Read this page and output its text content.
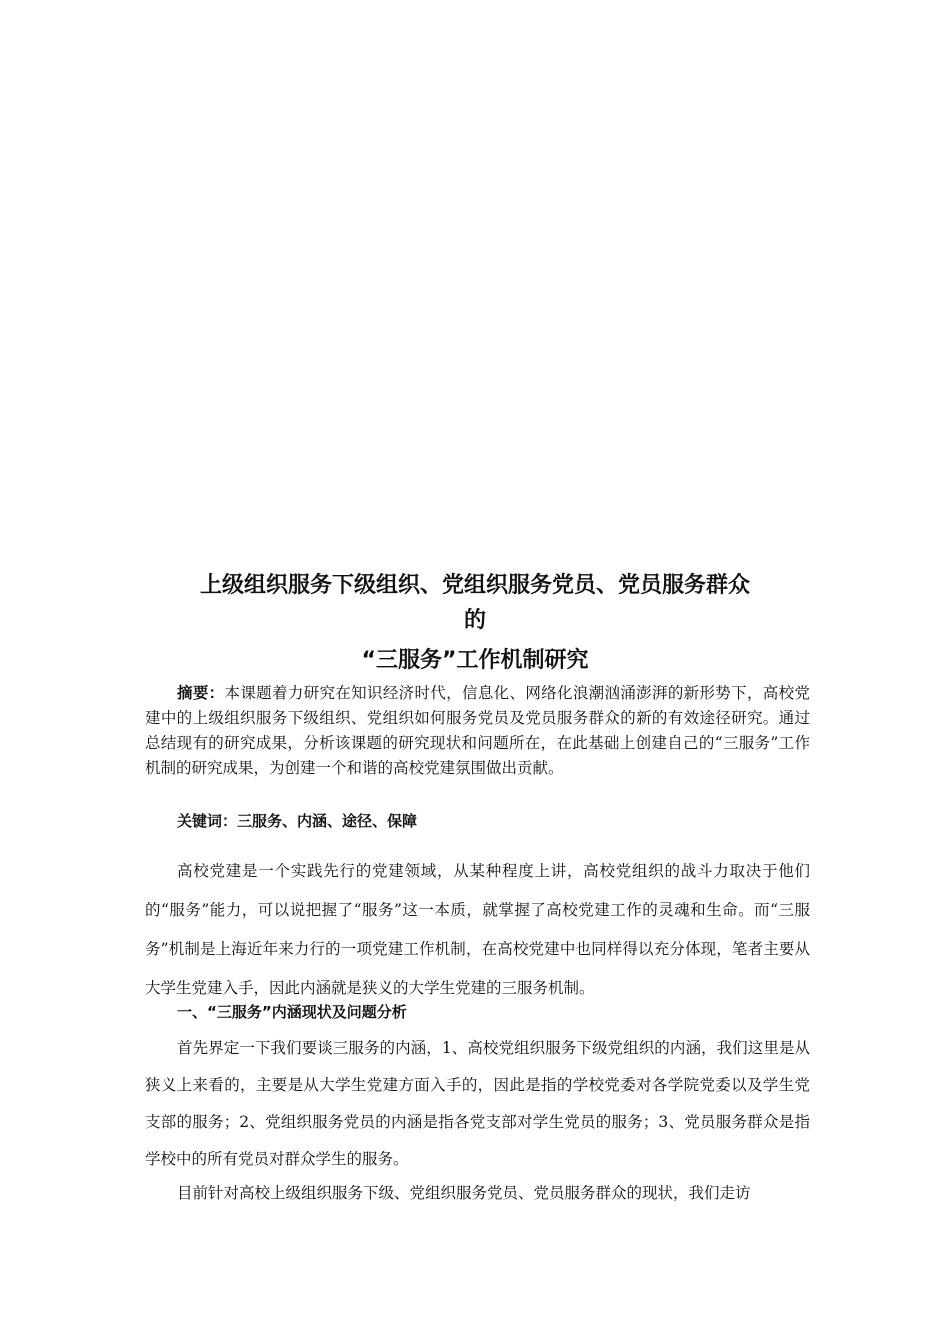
上级组织服务下级组织、党组织服务党员、党员服务群众
的
“三服务”工作机制研究
摘要：本课题着力研究在知识经济时代，信息化、网络化浪潮汹涌澎湃的新形势下，高校党建中的上级组织服务下级组织、党组织如何服务党员及党员服务群众的新的有效途径研究。通过总结现有的研究成果，分析该课题的研究现状和问题所在，在此基础上创建自己的“三服务”工作机制的研究成果，为创建一个和谐的高校党建氛围做出贡献。
关键词：三服务、内涵、途径、保障
高校党建是一个实践先行的党建领域，从某种程度上讲，高校党组织的战斗力取决于他们的“服务”能力，可以说把握了“服务”这一本质，就掌握了高校党建工作的灵魂和生命。而“三服务”机制是上海近年来力行的一项党建工作机制，在高校党建中也同样得以充分体现，笔者主要从大学生党建入手，因此内涵就是狭义的大学生党建的三服务机制。
一、“三服务”内涵现状及问题分析
首先界定一下我们要谈三服务的内涵，1、高校党组织服务下级党组织的内涵，我们这里是从狭义上来看的，主要是从大学生党建方面入手的，因此是指的学校党委对各学院党委以及学生党支部的服务；2、党组织服务党员的内涵是指各党支部对学生党员的服务；3、党员服务群众是指学校中的所有党员对群众学生的服务。
目前针对高校上级组织服务下级、党组织服务党员、党员服务群众的现状，我们走访
